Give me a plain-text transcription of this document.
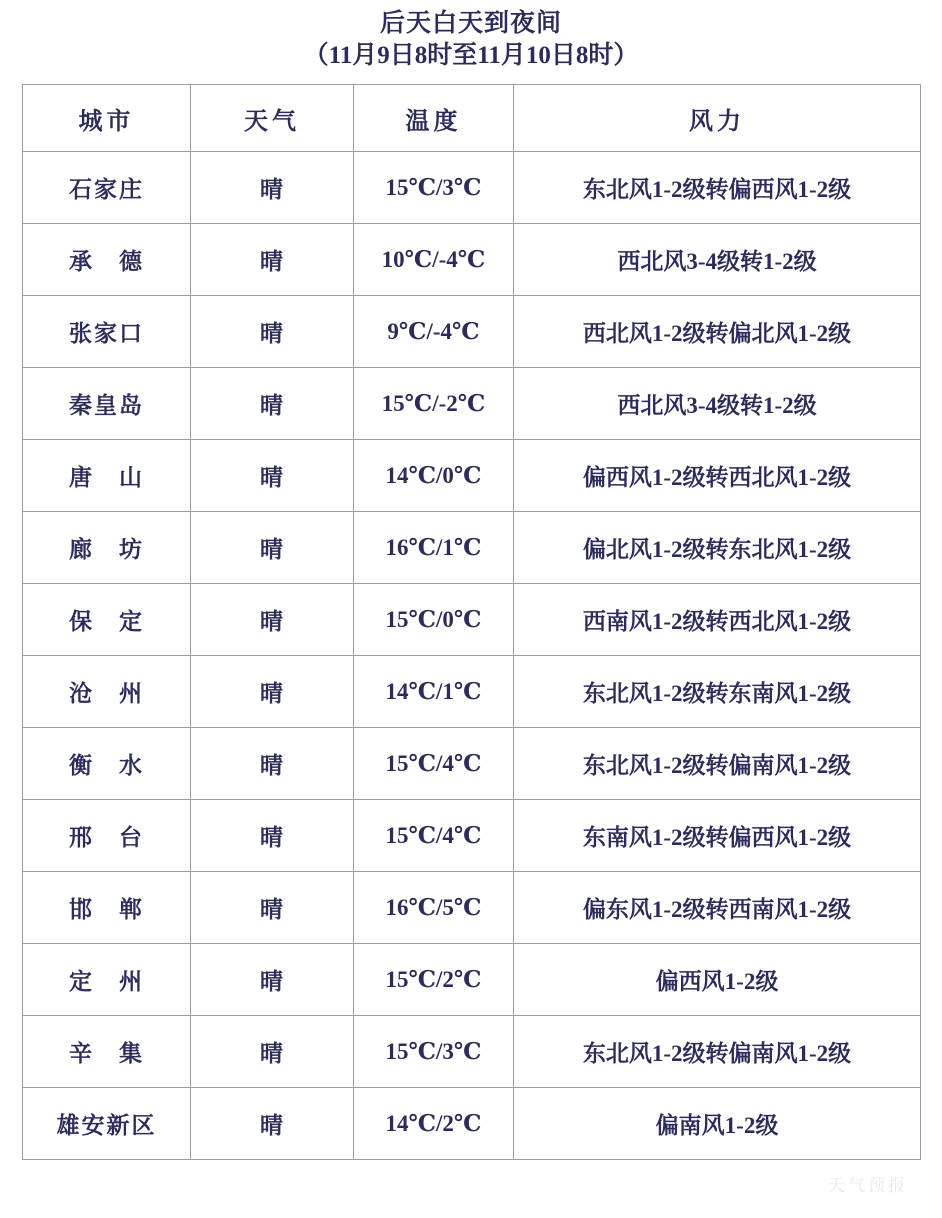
后天白天到夜间
（11月9日8时至11月10日8时）
城市	天气	温度	风力
石家庄	晴	15℃/3℃	东北风1-2级转偏西风1-2级
承　德	晴	10℃/-4℃	西北风3-4级转1-2级
张家口	晴	9℃/-4℃	西北风1-2级转偏北风1-2级
秦皇岛	晴	15℃/-2℃	西北风3-4级转1-2级
唐　山	晴	14℃/0℃	偏西风1-2级转西北风1-2级
廊　坊	晴	16℃/1℃	偏北风1-2级转东北风1-2级
保　定	晴	15℃/0℃	西南风1-2级转西北风1-2级
沧　州	晴	14℃/1℃	东北风1-2级转东南风1-2级
衡　水	晴	15℃/4℃	东北风1-2级转偏南风1-2级
邢　台	晴	15℃/4℃	东南风1-2级转偏西风1-2级
邯　郸	晴	16℃/5℃	偏东风1-2级转西南风1-2级
定　州	晴	15℃/2℃	偏西风1-2级
辛　集	晴	15℃/3℃	东北风1-2级转偏南风1-2级
雄安新区	晴	14℃/2℃	偏南风1-2级
天气预报
